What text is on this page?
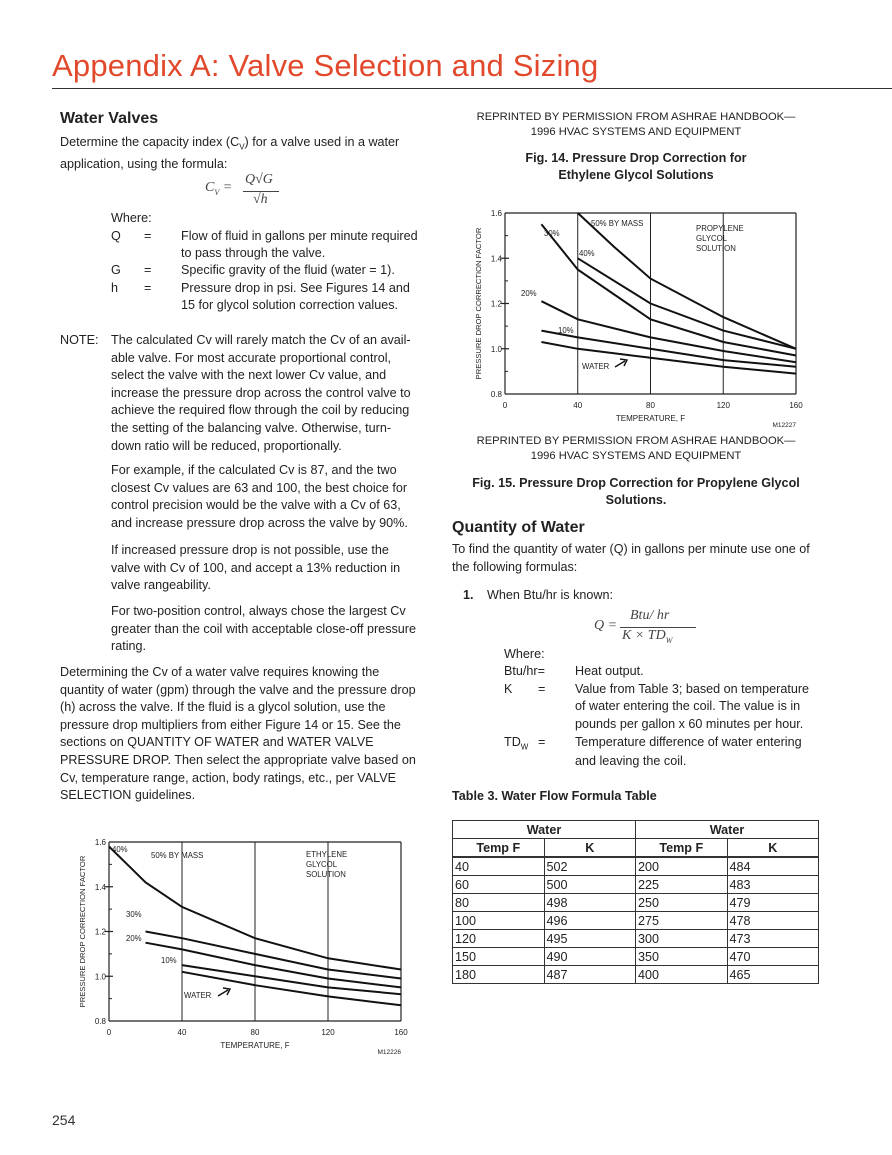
Appendix A: Valve Selection and Sizing
Water Valves
Determine the capacity index $(C_V)$ for a valve used in a water
application, using the formula:
$C_V$ =
Q√G
√h
Where:
Q = Flow of fluid in gallons per minute required
to pass through the valve.
G = Specific gravity of the fluid (water = 1).
h = Pressure drop in psi. See Figures 14 and
15 for glycol solution correction values.
NOTE: The calculated Cv will rarely match the Cv of an avail-
able valve. For most accurate proportional control,
select the valve with the next lower Cv value, and
increase the pressure drop across the control valve to
achieve the required flow through the coil by reducing
the setting of the balancing valve. Otherwise, turn-
down ratio will be reduced, proportionally.
For example, if the calculated Cv is 87, and the two
closest Cv values are 63 and 100, the best choice for
control precision would be the valve with a Cv of 63,
and increase pressure drop across the valve by 90%.
If increased pressure drop is not possible, use the
valve with Cv of 100, and accept a 13% reduction in
valve rangeability.
For two-position control, always chose the largest Cv
greater than the coil with acceptable close-off pressure
rating.
Determining the Cv of a water valve requires knowing the
quantity of water (gpm) through the valve and the pressure drop
(h) across the valve. If the fluid is a glycol solution, use the
pressure drop multipliers from either Figure 14 or 15. See the
sections on QUANTITY OF WATER and WATER VALVE
PRESSURE DROP. Then select the appropriate valve based on
Cv, temperature range, action, body ratings, etc., per VALVE
SELECTION guidelines.
1.6
1.4
1.2
1.0
0.8
0	40	80	120	160
TEMPERATURE, F
PRESSURE DROP CORRECTION FACTOR
M12226
ETHYLENE
GLYCOL
SOLUTION
40%
50% BY MASS
30%
20%
10%
WATER
REPRINTED BY PERMISSION FROM ASHRAE HANDBOOK—
1996 HVAC SYSTEMS AND EQUIPMENT
Fig. 14. Pressure Drop Correction for
Ethylene Glycol Solutions
1.6
1.4
1.2
1.0
0.8
0	40	80	120	160
TEMPERATURE, F
PRESSURE DROP CORRECTION FACTOR
M12227
PROPYLENE
GLYCOL
SOLUTION
50% BY MASS
40%
30%
20%
10%
WATER
REPRINTED BY PERMISSION FROM ASHRAE HANDBOOK—
1996 HVAC SYSTEMS AND EQUIPMENT
Fig. 15. Pressure Drop Correction for Propylene Glycol
Solutions.
Quantity of Water
To find the quantity of water (Q) in gallons per minute use one of
the following formulas:
1. When Btu/hr is known:
Q =
Btu/ hr
$K \times TD_W$
Where:
Btu/hr= Heat output.
K = Value from Table 3; based on temperature
of water entering the coil. The value is in
pounds per gallon x 60 minutes per hour.
$TD_W$ = Temperature difference of water entering
and leaving the coil.
Table 3. Water Flow Formula Table
Water		Water	
Temp F	K	Temp F	K
40	502	200	484
60	500	225	483
80	498	250	479
100	496	275	478
120	495	300	473
150	490	350	470
180	487	400	465
254
